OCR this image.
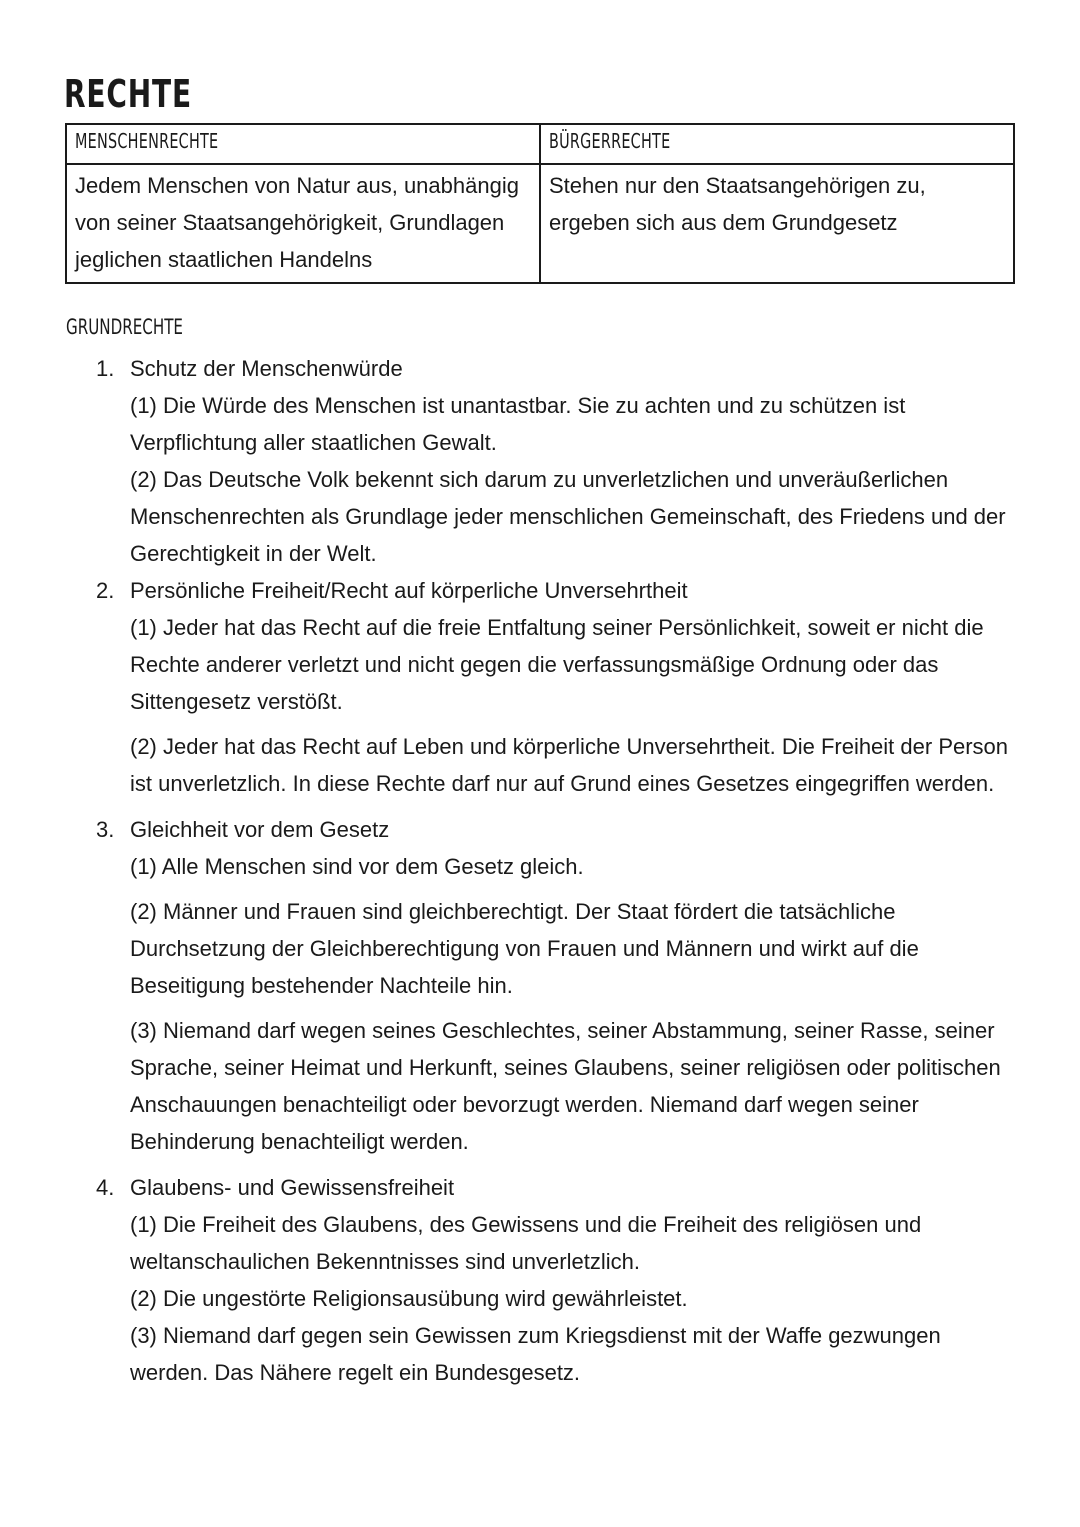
RECHTE
MENSCHENRECHTE	BÜRGERRECHTE
Jedem Menschen von Natur aus, unabhängig von seiner Staatsangehörigkeit, Grundlagen jeglichen staatlichen Handelns	Stehen nur den Staatsangehörigen zu, ergeben sich aus dem Grundgesetz
GRUNDRECHTE
1. Schutz der Menschenwürde

(1) Die Würde des Menschen ist unantastbar. Sie zu achten und zu schützen ist Verpflichtung aller staatlichen Gewalt.

(2) Das Deutsche Volk bekennt sich darum zu unverletzlichen und unveräußerlichen Menschenrechten als Grundlage jeder menschlichen Gemeinschaft, des Friedens und der Gerechtigkeit in der Welt.

2. Persönliche Freiheit/Recht auf körperliche Unversehrtheit

(1) Jeder hat das Recht auf die freie Entfaltung seiner Persönlichkeit, soweit er nicht die Rechte anderer verletzt und nicht gegen die verfassungsmäßige Ordnung oder das Sittengesetz verstößt.

(2) Jeder hat das Recht auf Leben und körperliche Unversehrtheit. Die Freiheit der Person ist unverletzlich. In diese Rechte darf nur auf Grund eines Gesetzes eingegriffen werden.

3. Gleichheit vor dem Gesetz

(1) Alle Menschen sind vor dem Gesetz gleich.

(2) Männer und Frauen sind gleichberechtigt. Der Staat fördert die tatsächliche Durchsetzung der Gleichberechtigung von Frauen und Männern und wirkt auf die Beseitigung bestehender Nachteile hin.

(3) Niemand darf wegen seines Geschlechtes, seiner Abstammung, seiner Rasse, seiner Sprache, seiner Heimat und Herkunft, seines Glaubens, seiner religiösen oder politischen Anschauungen benachteiligt oder bevorzugt werden. Niemand darf wegen seiner Behinderung benachteiligt werden.

4. Glaubens- und Gewissensfreiheit

(1) Die Freiheit des Glaubens, des Gewissens und die Freiheit des religiösen und weltanschaulichen Bekenntnisses sind unverletzlich.

(2) Die ungestörte Religionsausübung wird gewährleistet.

(3) Niemand darf gegen sein Gewissen zum Kriegsdienst mit der Waffe gezwungen werden. Das Nähere regelt ein Bundesgesetz.
